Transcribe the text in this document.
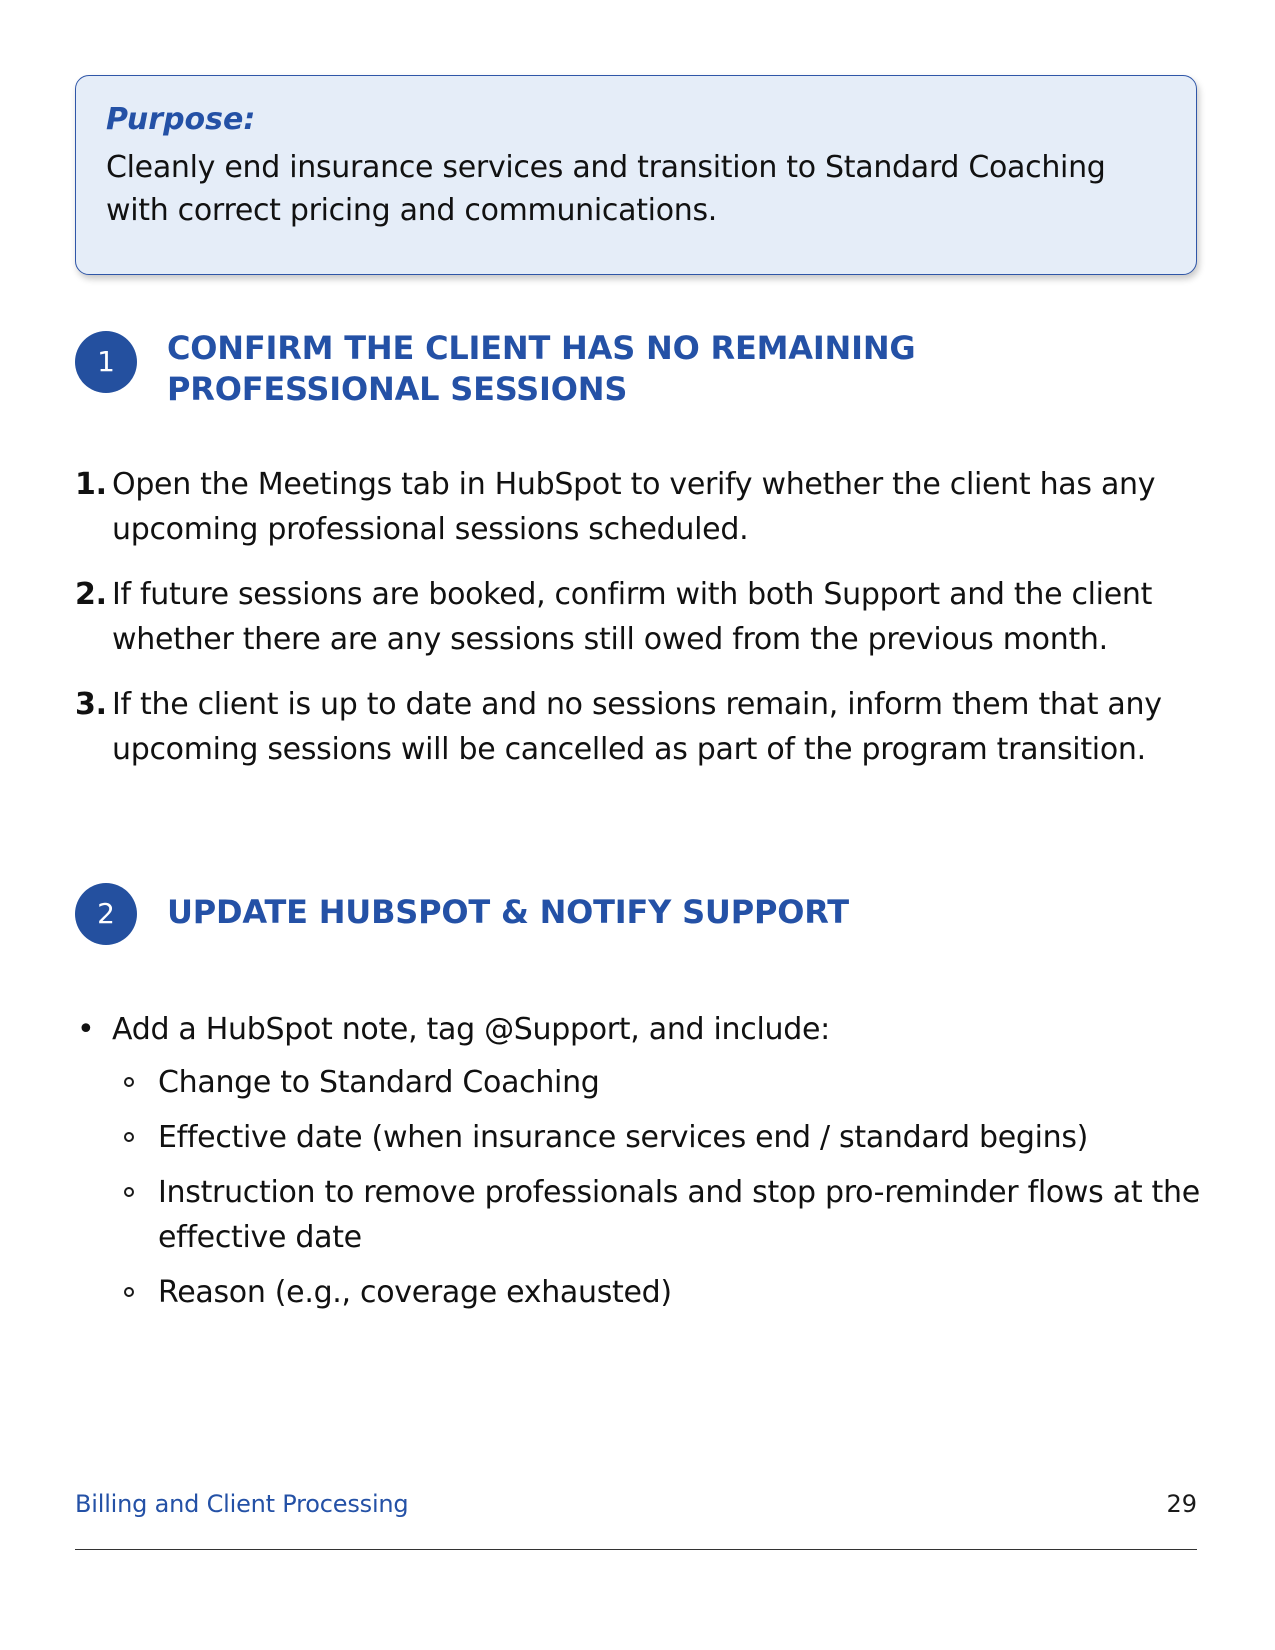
Purpose:

Cleanly end insurance services and transition to Standard Coaching with correct pricing and communications.

1	CONFIRM THE CLIENT HAS NO REMAINING
PROFESSIONAL SESSIONS
1. Open the Meetings tab in HubSpot to verify whether the client has any upcoming professional sessions scheduled.
2. If future sessions are booked, confirm with both Support and the client whether there are any sessions still owed from the previous month.
3. If the client is up to date and no sessions remain, inform them that any upcoming sessions will be cancelled as part of the program transition.
2	UPDATE HUBSPOT & NOTIFY SUPPORT
• Add a HubSpot note, tag @Support, and include:
Change to Standard Coaching
Effective date (when insurance services end / standard begins)
Instruction to remove professionals and stop pro-reminder flows at the effective date
Reason (e.g., coverage exhausted)
Billing and Client Processing	29
